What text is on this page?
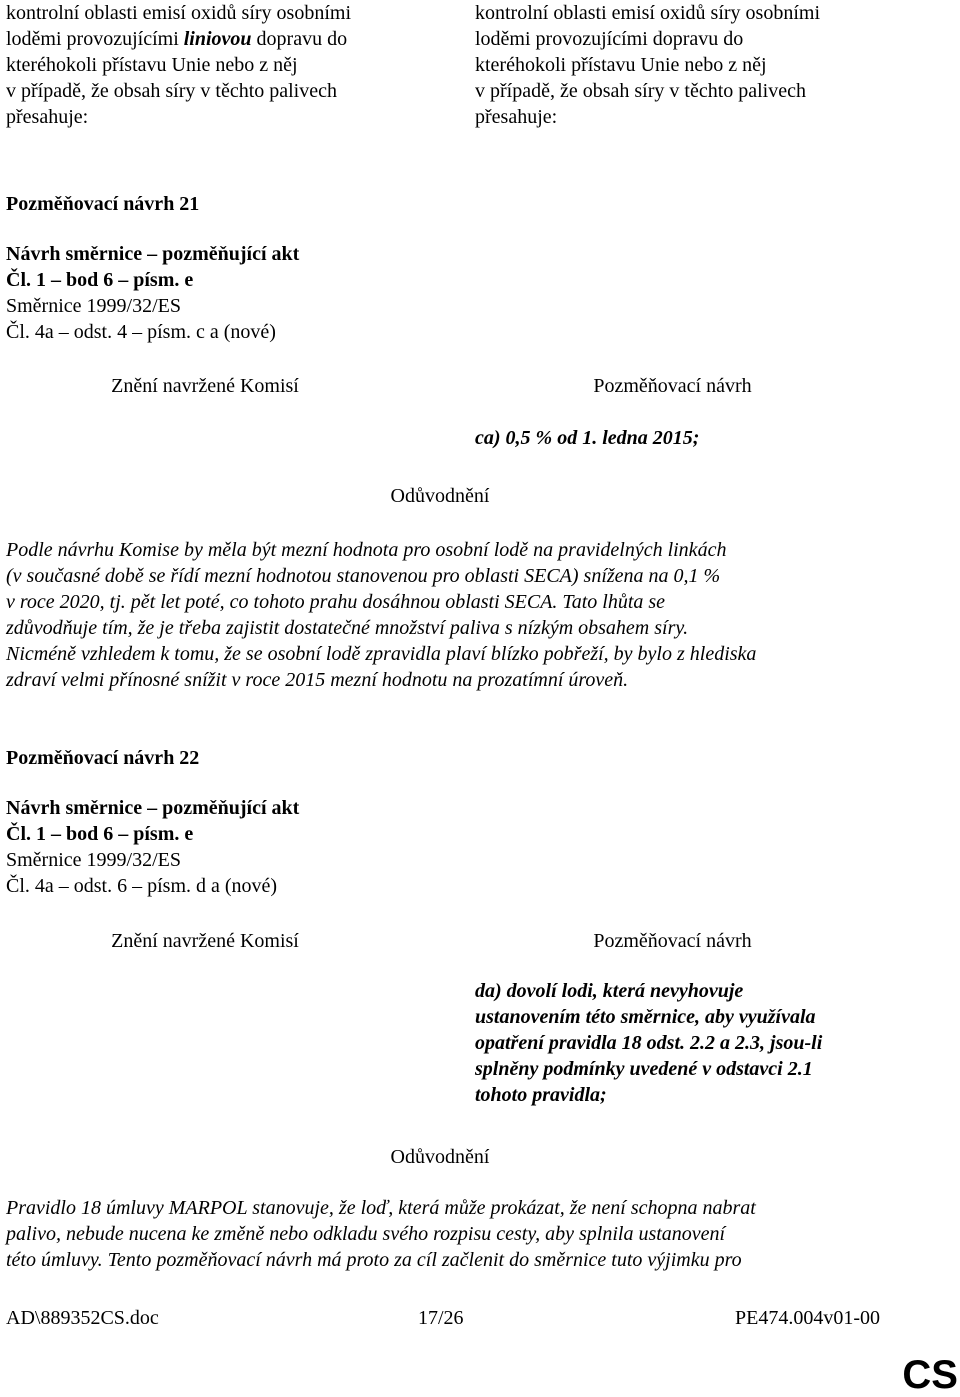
kontrolní oblasti emisí oxidů síry osobními
loděmi provozujícími liniovou dopravu do
kteréhokoli přístavu Unie nebo z něj
v případě, že obsah síry v těchto palivech
přesahuje:
kontrolní oblasti emisí oxidů síry osobními
loděmi provozujícími dopravu do
kteréhokoli přístavu Unie nebo z něj
v případě, že obsah síry v těchto palivech
přesahuje:

Pozměňovací návrh 21

Návrh směrnice – pozměňující akt

Čl. 1 – bod 6 – písm. e

Směrnice 1999/32/ES

Čl. 4a – odst. 4 – písm. c a (nové)

Znění navržené Komisí	Pozměňovací návrh
ca) 0,5 % od 1. ledna 2015;
Odůvodnění
Podle návrhu Komise by měla být mezní hodnota pro osobní lodě na pravidelných linkách
(v současné době se řídí mezní hodnotou stanovenou pro oblasti SECA) snížena na 0,1 %
v roce 2020, tj. pět let poté, co tohoto prahu dosáhnou oblasti SECA. Tato lhůta se
zdůvodňuje tím, že je třeba zajistit dostatečné množství paliva s nízkým obsahem síry.
Nicméně vzhledem k tomu, že se osobní lodě zpravidla plaví blízko pobřeží, by bylo z hlediska
zdraví velmi přínosné snížit v roce 2015 mezní hodnotu na prozatímní úroveň.

Pozměňovací návrh 22

Návrh směrnice – pozměňující akt

Čl. 1 – bod 6 – písm. e

Směrnice 1999/32/ES

Čl. 4a – odst. 6 – písm. d a (nové)

Znění navržené Komisí	Pozměňovací návrh
da) dovolí lodi, která nevyhovuje
ustanovením této směrnice, aby využívala
opatření pravidla 18 odst. 2.2 a 2.3, jsou-li
splněny podmínky uvedené v odstavci 2.1
tohoto pravidla;
Odůvodnění
Pravidlo 18 úmluvy MARPOL stanovuje, že loď, která může prokázat, že není schopna nabrat
palivo, nebude nucena ke změně nebo odkladu svého rozpisu cesty, aby splnila ustanovení
této úmluvy. Tento pozměňovací návrh má proto za cíl začlenit do směrnice tuto výjimku pro
AD\889352CS.doc	17/26	PE474.004v01-00
CS
